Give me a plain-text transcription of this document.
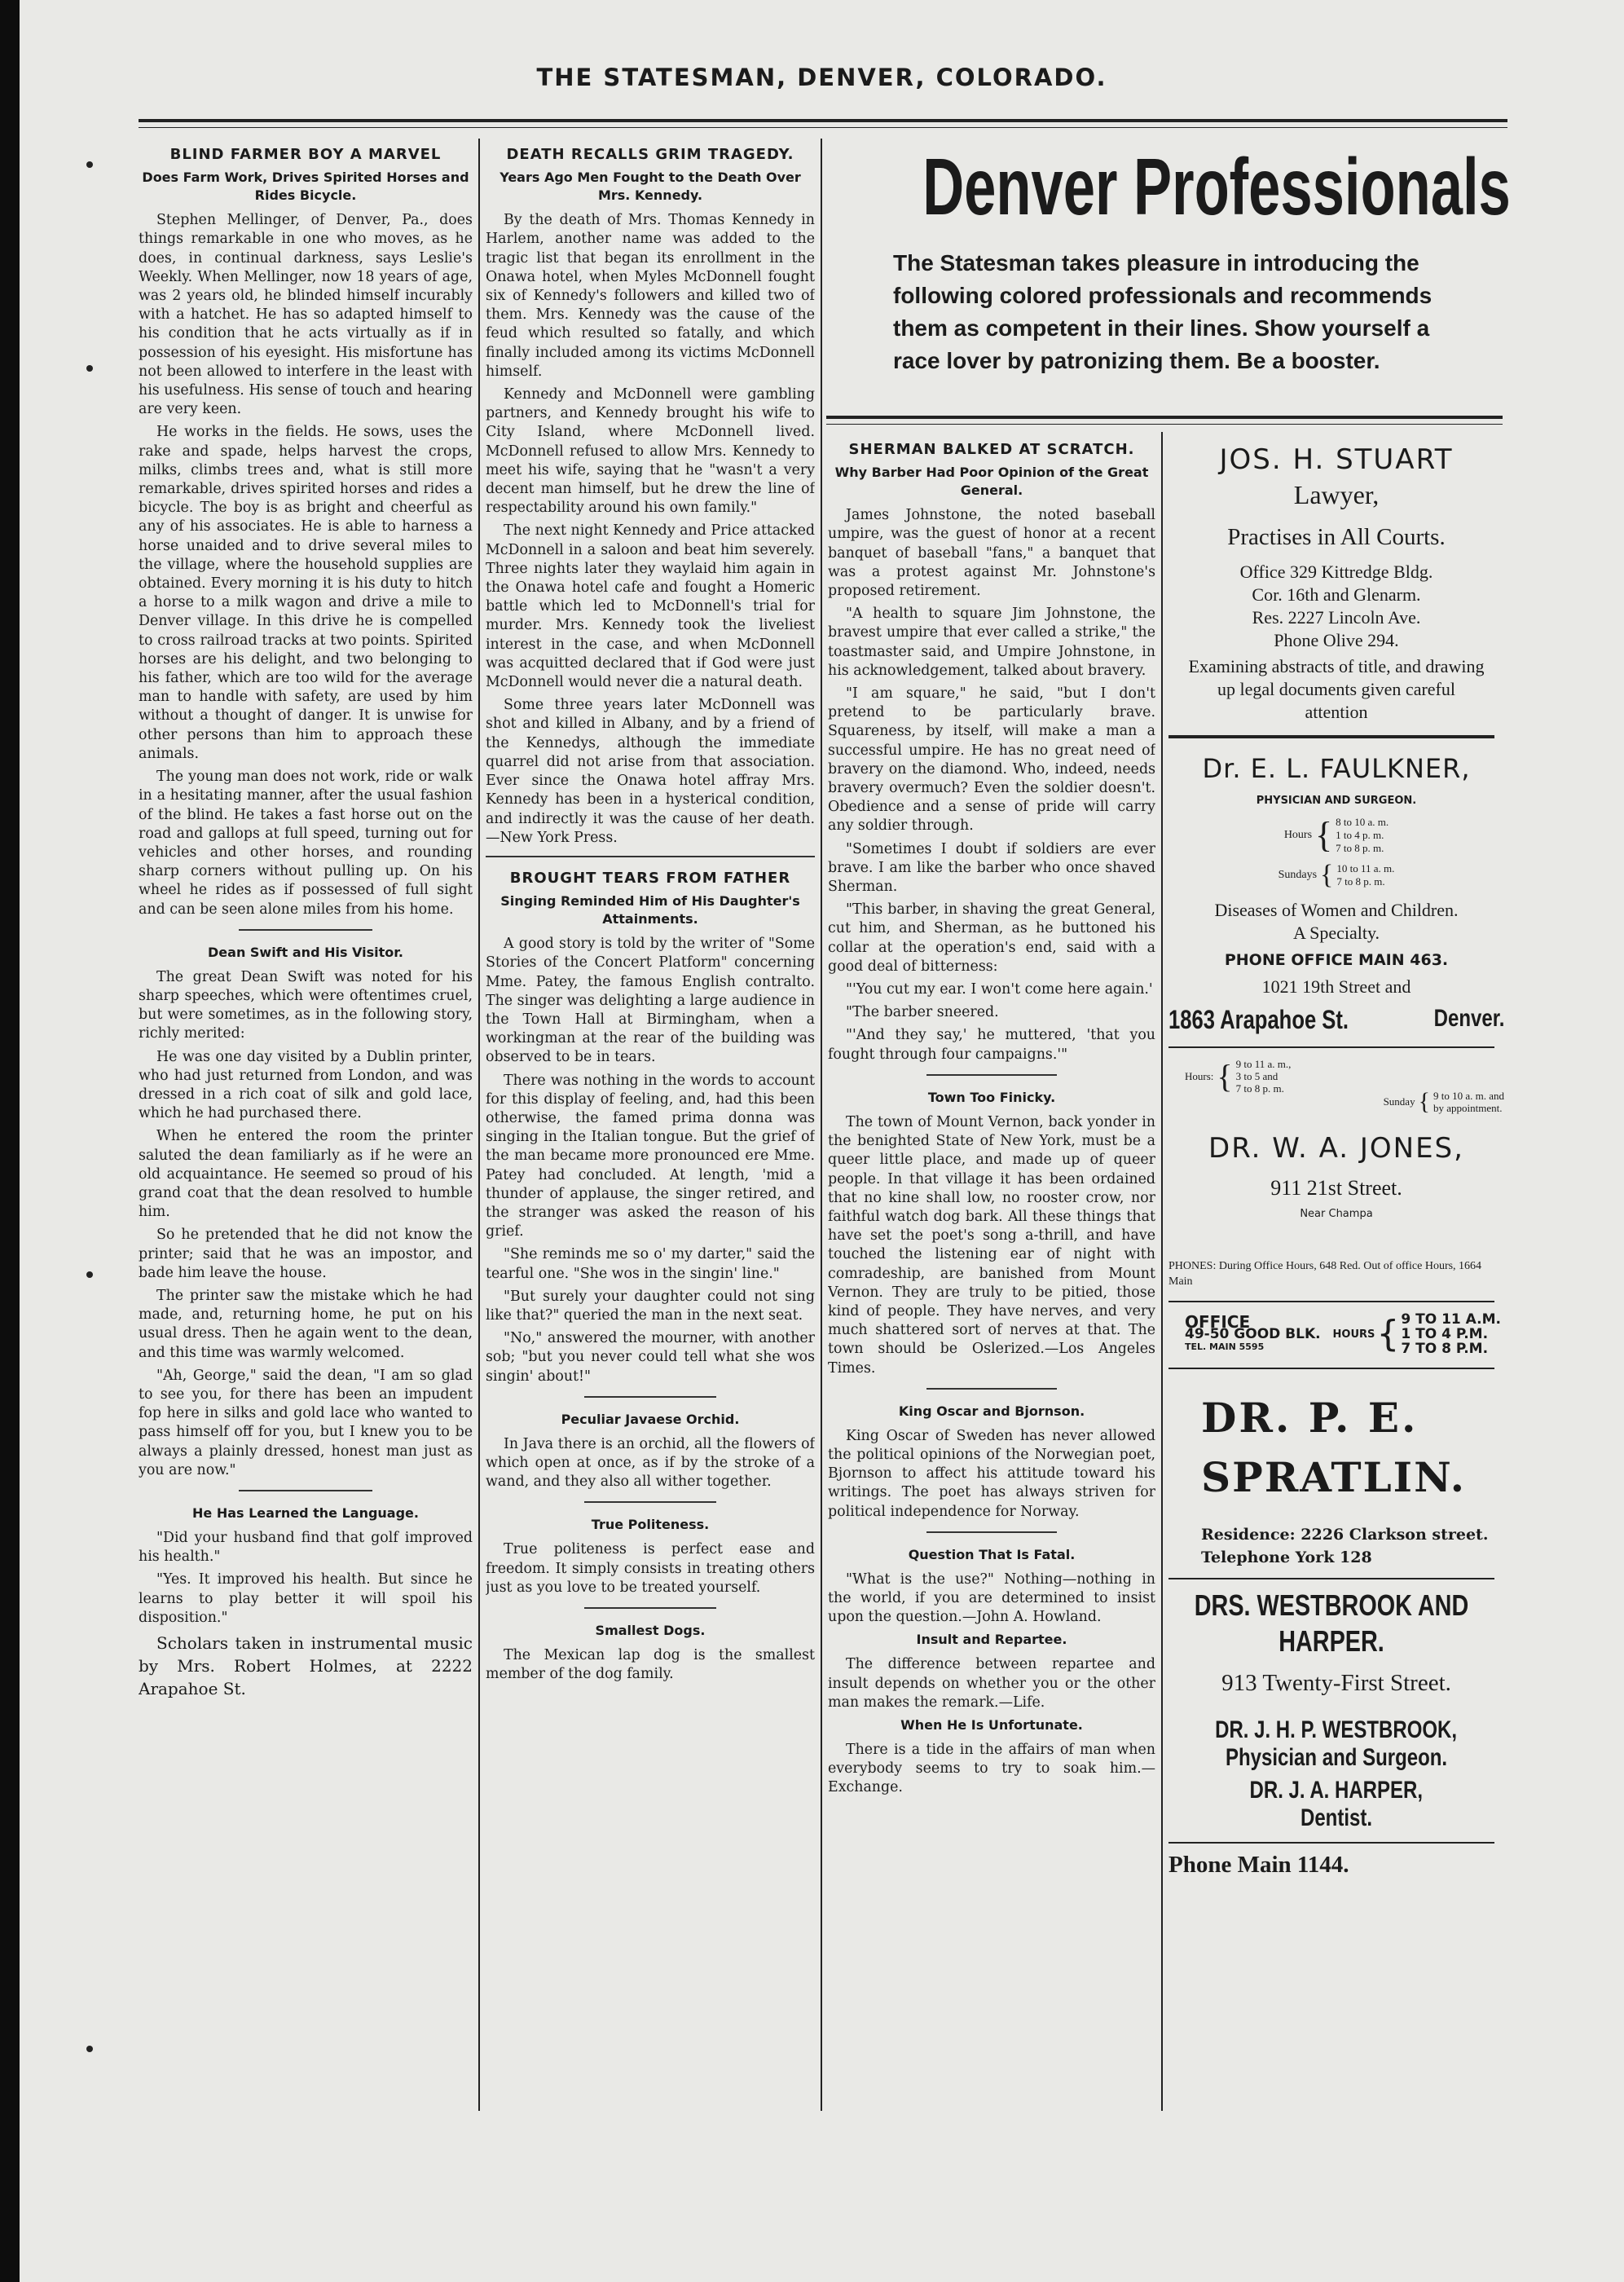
THE STATESMAN, DENVER, COLORADO.
BLIND FARMER BOY A MARVEL
Does Farm Work, Drives Spirited Horses and Rides Bicycle.

Stephen Mellinger, of Denver, Pa., does things remarkable in one who moves, as he does, in continual darkness, says Leslie's Weekly. When Mellinger, now 18 years of age, was 2 years old, he blinded himself incurably with a hatchet. He has so adapted himself to his condition that he acts virtually as if in possession of his eyesight. His misfortune has not been allowed to interfere in the least with his usefulness. His sense of touch and hearing are very keen.

He works in the fields. He sows, uses the rake and spade, helps harvest the crops, milks, climbs trees and, what is still more remarkable, drives spirited horses and rides a bicycle. The boy is as bright and cheerful as any of his associates. He is able to harness a horse unaided and to drive several miles to the village, where the household supplies are obtained. Every morning it is his duty to hitch a horse to a milk wagon and drive a mile to Denver village. In this drive he is compelled to cross railroad tracks at two points. Spirited horses are his delight, and two belonging to his father, which are too wild for the average man to handle with safety, are used by him without a thought of danger. It is unwise for other persons than him to approach these animals.

The young man does not work, ride or walk in a hesitating manner, after the usual fashion of the blind. He takes a fast horse out on the road and gallops at full speed, turning out for vehicles and other horses, and rounding sharp corners without pulling up. On his wheel he rides as if possessed of full sight and can be seen alone miles from his home.

Dean Swift and His Visitor.

The great Dean Swift was noted for his sharp speeches, which were oftentimes cruel, but were sometimes, as in the following story, richly merited:

He was one day visited by a Dublin printer, who had just returned from London, and was dressed in a rich coat of silk and gold lace, which he had purchased there.

When he entered the room the printer saluted the dean familiarly as if he were an old acquaintance. He seemed so proud of his grand coat that the dean resolved to humble him.

So he pretended that he did not know the printer; said that he was an impostor, and bade him leave the house.

The printer saw the mistake which he had made, and, returning home, he put on his usual dress. Then he again went to the dean, and this time was warmly welcomed.

"Ah, George," said the dean, "I am so glad to see you, for there has been an impudent fop here in silks and gold lace who wanted to pass himself off for you, but I knew you to be always a plainly dressed, honest man just as you are now."

He Has Learned the Language.

"Did your husband find that golf improved his health."

"Yes. It improved his health. But since he learns to play better it will spoil his disposition."

Scholars taken in instrumental music by Mrs. Robert Holmes, at 2222 Arapahoe St.

DEATH RECALLS GRIM TRAGEDY.
Years Ago Men Fought to the Death Over Mrs. Kennedy.

By the death of Mrs. Thomas Kennedy in Harlem, another name was added to the tragic list that began its enrollment in the Onawa hotel, when Myles McDonnell fought six of Kennedy's followers and killed two of them. Mrs. Kennedy was the cause of the feud which resulted so fatally, and which finally included among its victims McDonnell himself.

Kennedy and McDonnell were gambling partners, and Kennedy brought his wife to City Island, where McDonnell lived. McDonnell refused to allow Mrs. Kennedy to meet his wife, saying that he "wasn't a very decent man himself, but he drew the line of respectability around his own family."

The next night Kennedy and Price attacked McDonnell in a saloon and beat him severely. Three nights later they waylaid him again in the Onawa hotel cafe and fought a Homeric battle which led to McDonnell's trial for murder. Mrs. Kennedy took the liveliest interest in the case, and when McDonnell was acquitted declared that if God were just McDonnell would never die a natural death.

Some three years later McDonnell was shot and killed in Albany, and by a friend of the Kennedys, although the immediate quarrel did not arise from that association. Ever since the Onawa hotel affray Mrs. Kennedy has been in a hysterical condition, and indirectly it was the cause of her death.—New York Press.

BROUGHT TEARS FROM FATHER
Singing Reminded Him of His Daughter's Attainments.

A good story is told by the writer of "Some Stories of the Concert Platform" concerning Mme. Patey, the famous English contralto. The singer was delighting a large audience in the Town Hall at Birmingham, when a workingman at the rear of the building was observed to be in tears.

There was nothing in the words to account for this display of feeling, and, had this been otherwise, the famed prima donna was singing in the Italian tongue. But the grief of the man became more pronounced ere Mme. Patey had concluded. At length, 'mid a thunder of applause, the singer retired, and the stranger was asked the reason of his grief.

"She reminds me so o' my darter," said the tearful one. "She wos in the singin' line."

"But surely your daughter could not sing like that?" queried the man in the next seat.

"No," answered the mourner, with another sob; "but you never could tell what she wos singin' about!"

Peculiar Javaese Orchid.

In Java there is an orchid, all the flowers of which open at once, as if by the stroke of a wand, and they also all wither together.

True Politeness.

True politeness is perfect ease and freedom. It simply consists in treating others just as you love to be treated yourself.

Smallest Dogs.

The Mexican lap dog is the smallest member of the dog family.

Denver Professionals
The Statesman takes pleasure in introducing the following colored professionals and recommends them as competent in their lines. Show yourself a race lover by patronizing them. Be a booster.
SHERMAN BALKED AT SCRATCH.
Why Barber Had Poor Opinion of the Great General.

James Johnstone, the noted baseball umpire, was the guest of honor at a recent banquet of baseball "fans," a banquet that was a protest against Mr. Johnstone's proposed retirement.

"A health to square Jim Johnstone, the bravest umpire that ever called a strike," the toastmaster said, and Umpire Johnstone, in his acknowledgement, talked about bravery.

"I am square," he said, "but I don't pretend to be particularly brave. Squareness, by itself, will make a man a successful umpire. He has no great need of bravery on the diamond. Who, indeed, needs bravery overmuch? Even the soldier doesn't. Obedience and a sense of pride will carry any soldier through.

"Sometimes I doubt if soldiers are ever brave. I am like the barber who once shaved Sherman.

"This barber, in shaving the great General, cut him, and Sherman, as he buttoned his collar at the operation's end, said with a good deal of bitterness:

"'You cut my ear. I won't come here again.'

"The barber sneered.

"'And they say,' he muttered, 'that you fought through four campaigns.'"

Town Too Finicky.

The town of Mount Vernon, back yonder in the benighted State of New York, must be a queer little place, and made up of queer people. In that village it has been ordained that no kine shall low, no rooster crow, nor faithful watch dog bark. All these things that have set the poet's song a-thrill, and have touched the listening ear of night with comradeship, are banished from Mount Vernon. They are truly to be pitied, those kind of people. They have nerves, and very much shattered sort of nerves at that. The town should be Oslerized.—Los Angeles Times.

King Oscar and Bjornson.

King Oscar of Sweden has never allowed the political opinions of the Norwegian poet, Bjornson to affect his attitude toward his writings. The poet has always striven for political independence for Norway.

Question That Is Fatal.

"What is the use?" Nothing—nothing in the world, if you are determined to insist upon the question.—John A. Howland.

Insult and Repartee.

The difference between repartee and insult depends on whether you or the other man makes the remark.—Life.

When He Is Unfortunate.

There is a tide in the affairs of man when everybody seems to try to soak him.—Exchange.

JOS. H. STUART
Lawyer,
Practises in All Courts.
Office 329 Kittredge Bldg.
Cor. 16th and Glenarm.
Res. 2227 Lincoln Ave.
Phone Olive 294.
Examining abstracts of title, and drawing up legal documents given careful attention
Dr. E. L. FAULKNER,
PHYSICIAN AND SURGEON.
Hours { 8 to 10 a. m.
1 to 4 p. m.
7 to 8 p. m.
Sundays { 10 to 11 a. m.
7 to 8 p. m.
Diseases of Women and Children.
A Specialty.
PHONE OFFICE MAIN 463.
1021 19th Street and
1863 Arapahoe St.	Denver.
Hours: { 9 to 11 a. m.,
3 to 5 and
7 to 8 p. m.
Sunday { 9 to 10 a. m. and
by appointment.
DR. W. A. JONES,
911 21st Street.
Near Champa
PHONES: During Office Hours, 648 Red. Out of office Hours, 1664 Main
OFFICE
49-50 GOOD BLK.
TEL. MAIN 5595
HOURS { 9 TO 11 A.M.
1 TO 4 P.M.
7 TO 8 P.M.
DR. P. E.
SPRATLIN.
Residence: 2226 Clarkson street.
Telephone York 128
DRS. WESTBROOK AND HARPER.
913 Twenty-First Street.
DR. J. H. P. WESTBROOK,
Physician and Surgeon.
DR. J. A. HARPER,
Dentist.
Phone Main 1144.
